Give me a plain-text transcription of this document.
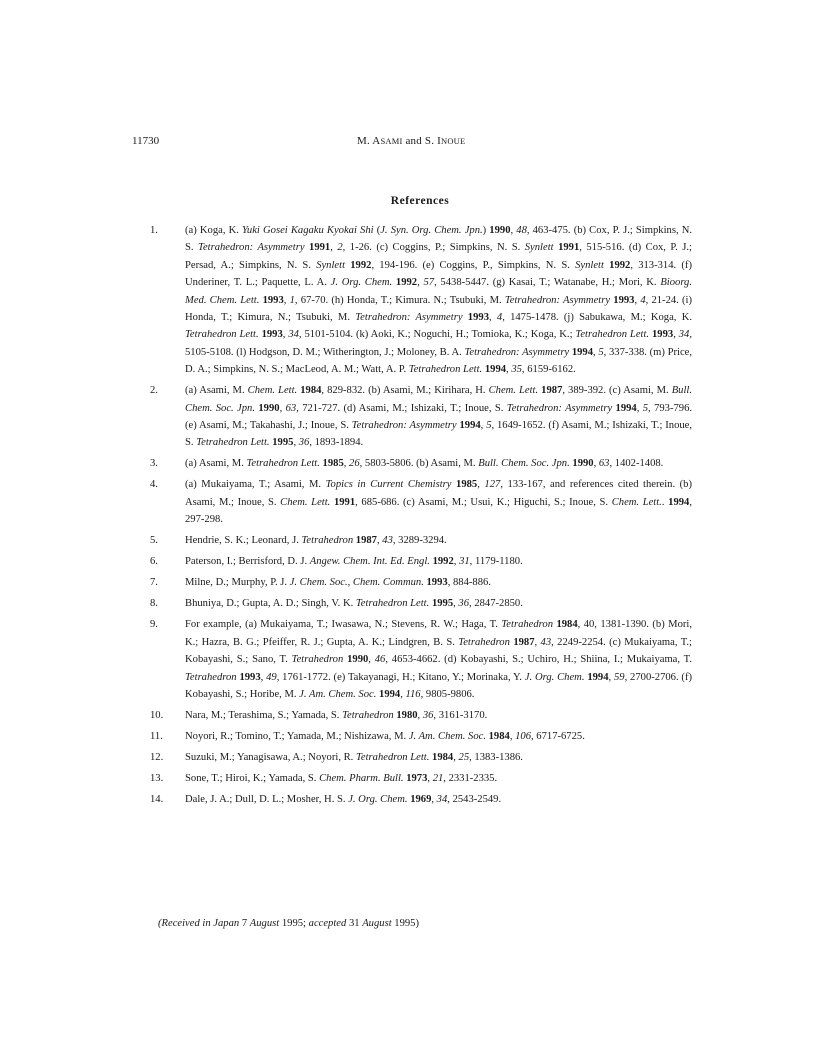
11730	M. ASAMI and S. INOUE
References
1.	(a) Koga, K. Yuki Gosei Kagaku Kyokai Shi (J. Syn. Org. Chem. Jpn.) 1990, 48, 463-475. (b) Cox, P. J.; Simpkins, N. S. Tetrahedron: Asymmetry 1991, 2, 1-26. (c) Coggins, P.; Simpkins, N. S. Synlett 1991, 515-516. (d) Cox, P. J.; Persad, A.; Simpkins, N. S. Synlett 1992, 194-196. (e) Coggins, P., Simpkins, N. S. Synlett 1992, 313-314. (f) Underiner, T. L.; Paquette, L. A. J. Org. Chem. 1992, 57, 5438-5447. (g) Kasai, T.; Watanabe, H.; Mori, K. Bioorg. Med. Chem. Lett. 1993, 1, 67-70. (h) Honda, T.; Kimura. N.; Tsubuki, M. Tetrahedron: Asymmetry 1993, 4, 21-24. (i) Honda, T.; Kimura, N.; Tsubuki, M. Tetrahedron: Asymmetry 1993, 4, 1475-1478. (j) Sabukawa, M.; Koga, K. Tetrahedron Lett. 1993, 34, 5101-5104. (k) Aoki, K.; Noguchi, H.; Tomioka, K.; Koga, K.; Tetrahedron Lett. 1993, 34, 5105-5108. (l) Hodgson, D. M.; Witherington, J.; Moloney, B. A. Tetrahedron: Asymmetry 1994, 5, 337-338. (m) Price, D. A.; Simpkins, N. S.; MacLeod, A. M.; Watt, A. P. Tetrahedron Lett. 1994, 35, 6159-6162.
2.	(a) Asami, M. Chem. Lett. 1984, 829-832. (b) Asami, M.; Kirihara, H. Chem. Lett. 1987, 389-392. (c) Asami, M. Bull. Chem. Soc. Jpn. 1990, 63, 721-727. (d) Asami, M.; Ishizaki, T.; Inoue, S. Tetrahedron: Asymmetry 1994, 5, 793-796. (e) Asami, M.; Takahashi, J.; Inoue, S. Tetrahedron: Asymmetry 1994, 5, 1649-1652. (f) Asami, M.; Ishizaki, T.; Inoue, S. Tetrahedron Lett. 1995, 36, 1893-1894.
3.	(a) Asami, M. Tetrahedron Lett. 1985, 26, 5803-5806. (b) Asami, M. Bull. Chem. Soc. Jpn. 1990, 63, 1402-1408.
4.	(a) Mukaiyama, T.; Asami, M. Topics in Current Chemistry 1985, 127, 133-167, and references cited therein. (b) Asami, M.; Inoue, S. Chem. Lett. 1991, 685-686. (c) Asami, M.; Usui, K.; Higuchi, S.; Inoue, S. Chem. Lett.. 1994, 297-298.
5.	Hendrie, S. K.; Leonard, J. Tetrahedron 1987, 43, 3289-3294.
6.	Paterson, I.; Berrisford, D. J. Angew. Chem. Int. Ed. Engl. 1992, 31, 1179-1180.
7.	Milne, D.; Murphy, P. J. J. Chem. Soc., Chem. Commun. 1993, 884-886.
8.	Bhuniya, D.; Gupta, A. D.; Singh, V. K. Tetrahedron Lett. 1995, 36, 2847-2850.
9.	For example, (a) Mukaiyama, T.; Iwasawa, N.; Stevens, R. W.; Haga, T. Tetrahedron 1984, 40, 1381-1390. (b) Mori, K.; Hazra, B. G.; Pfeiffer, R. J.; Gupta, A. K.; Lindgren, B. S. Tetrahedron 1987, 43, 2249-2254. (c) Mukaiyama, T.; Kobayashi, S.; Sano, T. Tetrahedron 1990, 46, 4653-4662. (d) Kobayashi, S.; Uchiro, H.; Shiina, I.; Mukaiyama, T. Tetrahedron 1993, 49, 1761-1772. (e) Takayanagi, H.; Kitano, Y.; Morinaka, Y. J. Org. Chem. 1994, 59, 2700-2706. (f) Kobayashi, S.; Horibe, M. J. Am. Chem. Soc. 1994, 116, 9805-9806.
10. Nara, M.; Terashima, S.; Yamada, S. Tetrahedron 1980, 36, 3161-3170.
11. Noyori, R.; Tomino, T.; Yamada, M.; Nishizawa, M. J. Am. Chem. Soc. 1984, 106, 6717-6725.
12. Suzuki, M.; Yanagisawa, A.; Noyori, R. Tetrahedron Lett. 1984, 25, 1383-1386.
13. Sone, T.; Hiroi, K.; Yamada, S. Chem. Pharm. Bull. 1973, 21, 2331-2335.
14. Dale, J. A.; Dull, D. L.; Mosher, H. S. J. Org. Chem. 1969, 34, 2543-2549.
(Received in Japan 7 August 1995; accepted 31 August 1995)
